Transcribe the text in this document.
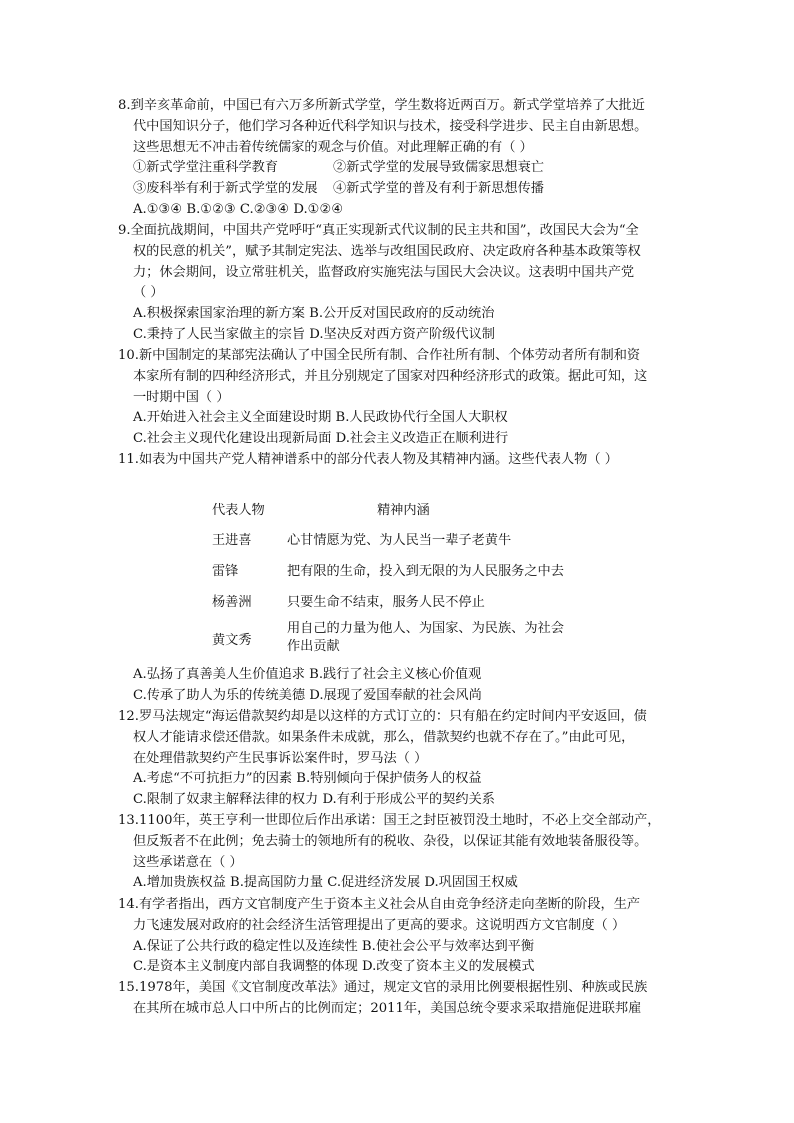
8.到辛亥革命前，中国已有六万多所新式学堂，学生数将近两百万。新式学堂培养了大批近
代中国知识分子，他们学习各种近代科学知识与技术，接受科学进步、民主自由新思想。
这些思想无不冲击着传统儒家的观念与价值。对此理解正确的有（ ）
①新式学堂注重科学教育	②新式学堂的发展导致儒家思想衰亡
③废科举有利于新式学堂的发展	④新式学堂的普及有利于新思想传播
A.①③④ B.①②③ C.②③④ D.①②④
9.全面抗战期间，中国共产党呼吁“真正实现新式代议制的民主共和国”，改国民大会为“全
权的民意的机关”，赋予其制定宪法、选举与改组国民政府、决定政府各种基本政策等权
力；休会期间，设立常驻机关，监督政府实施宪法与国民大会决议。这表明中国共产党
（ ）
A.积极探索国家治理的新方案 B.公开反对国民政府的反动统治
C.秉持了人民当家做主的宗旨 D.坚决反对西方资产阶级代议制
10.新中国制定的某部宪法确认了中国全民所有制、合作社所有制、个体劳动者所有制和资
本家所有制的四种经济形式，并且分别规定了国家对四种经济形式的政策。据此可知，这
一时期中国（ ）
A.开始进入社会主义全面建设时期 B.人民政协代行全国人大职权
C.社会主义现代化建设出现新局面 D.社会主义改造正在顺利进行
11.如表为中国共产党人精神谱系中的部分代表人物及其精神内涵。这些代表人物（ ）
代表人物	精神内涵
王进喜	心甘情愿为党、为人民当一辈子老黄牛
雷锋	把有限的生命，投入到无限的为人民服务之中去
杨善洲	只要生命不结束，服务人民不停止
黄文秀	用自己的力量为他人、为国家、为民族、为社会
作出贡献
A.弘扬了真善美人生价值追求 B.践行了社会主义核心价值观
C.传承了助人为乐的传统美德 D.展现了爱国奉献的社会风尚
12.罗马法规定“海运借款契约却是以这样的方式订立的：只有船在约定时间内平安返回，债
权人才能请求偿还借款。如果条件未成就，那么，借款契约也就不存在了。”由此可见，
在处理借款契约产生民事诉讼案件时，罗马法（ ）
A.考虑“不可抗拒力”的因素 B.特别倾向于保护债务人的权益
C.限制了奴隶主解释法律的权力 D.有利于形成公平的契约关系
13.1100年，英王亨利一世即位后作出承诺：国王之封臣被罚没土地时，不必上交全部动产，
但反叛者不在此例；免去骑士的领地所有的税收、杂役，以保证其能有效地装备服役等。
这些承诺意在（ ）
A.增加贵族权益 B.提高国防力量 C.促进经济发展 D.巩固国王权威
14.有学者指出，西方文官制度产生于资本主义社会从自由竞争经济走向垄断的阶段，生产
力飞速发展对政府的社会经济生活管理提出了更高的要求。这说明西方文官制度（ ）
A.保证了公共行政的稳定性以及连续性 B.使社会公平与效率达到平衡
C.是资本主义制度内部自我调整的体现 D.改变了资本主义的发展模式
15.1978年，美国《文官制度改革法》通过，规定文官的录用比例要根据性别、种族或民族
在其所在城市总人口中所占的比例而定；2011年，美国总统令要求采取措施促进联邦雇
